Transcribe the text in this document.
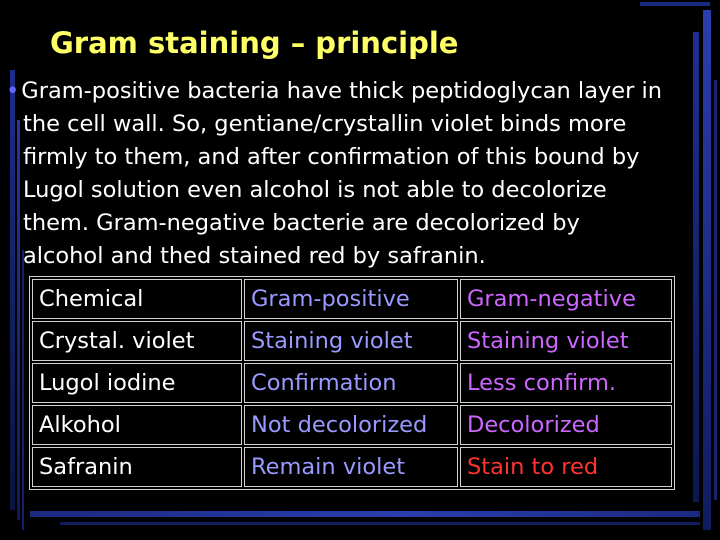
Gram staining – principle
•Gram-positive bacteria have thick peptidoglycan layer in
the cell wall. So, gentiane/crystallin violet binds more
firmly to them, and after confirmation of this bound by
Lugol solution even alcohol is not able to decolorize
them. Gram-negative bacterie are decolorized by
alcohol and thed stained red by safranin.
Chemical	Gram-positive	Gram-negative
Crystal. violet	Staining violet	Staining violet
Lugol iodine	Confirmation	Less confirm.
Alkohol	Not decolorized	Decolorized
Safranin	Remain violet	Stain to red
